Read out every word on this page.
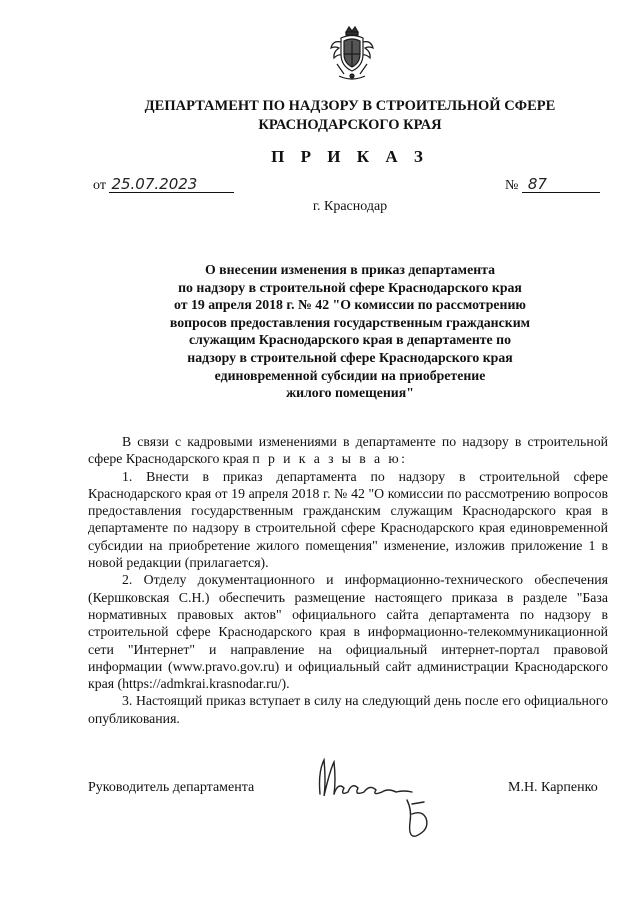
ДЕПАРТАМЕНТ ПО НАДЗОРУ В СТРОИТЕЛЬНОЙ СФЕРЕ
КРАСНОДАРСКОГО КРАЯ
П Р И К А З
от 25.07.2023	№ 87
г. Краснодар
О внесении изменения в приказ департамента
по надзору в строительной сфере Краснодарского края
от 19 апреля 2018 г. № 42 "О комиссии по рассмотрению
вопросов предоставления государственным гражданским
служащим Краснодарского края в департаменте по
надзору в строительной сфере Краснодарского края
единовременной субсидии на приобретение
жилого помещения"

В связи с кадровыми изменениями в департаменте по надзору в строительной сфере Краснодарского края п р и к а з ы в а ю:

1. Внести в приказ департамента по надзору в строительной сфере Краснодарского края от 19 апреля 2018 г. № 42 "О комиссии по рассмотрению вопросов предоставления государственным гражданским служащим Краснодарского края в департаменте по надзору в строительной сфере Краснодарского края единовременной субсидии на приобретение жилого помещения" изменение, изложив приложение 1 в новой редакции (прилагается).

2. Отделу документационного и информационно-технического обеспечения (Кершковская С.Н.) обеспечить размещение настоящего приказа в разделе "База нормативных правовых актов" официального сайта департамента по надзору в строительной сфере Краснодарского края в информационно-телекоммуникационной сети "Интернет" и направление на официальный интернет-портал правовой информации (www.pravo.gov.ru) и официальный сайт администрации Краснодарского края (https://admkrai.krasnodar.ru/).

3. Настоящий приказ вступает в силу на следующий день после его официального опубликования.

Руководитель департамента	М.Н. Карпенко
